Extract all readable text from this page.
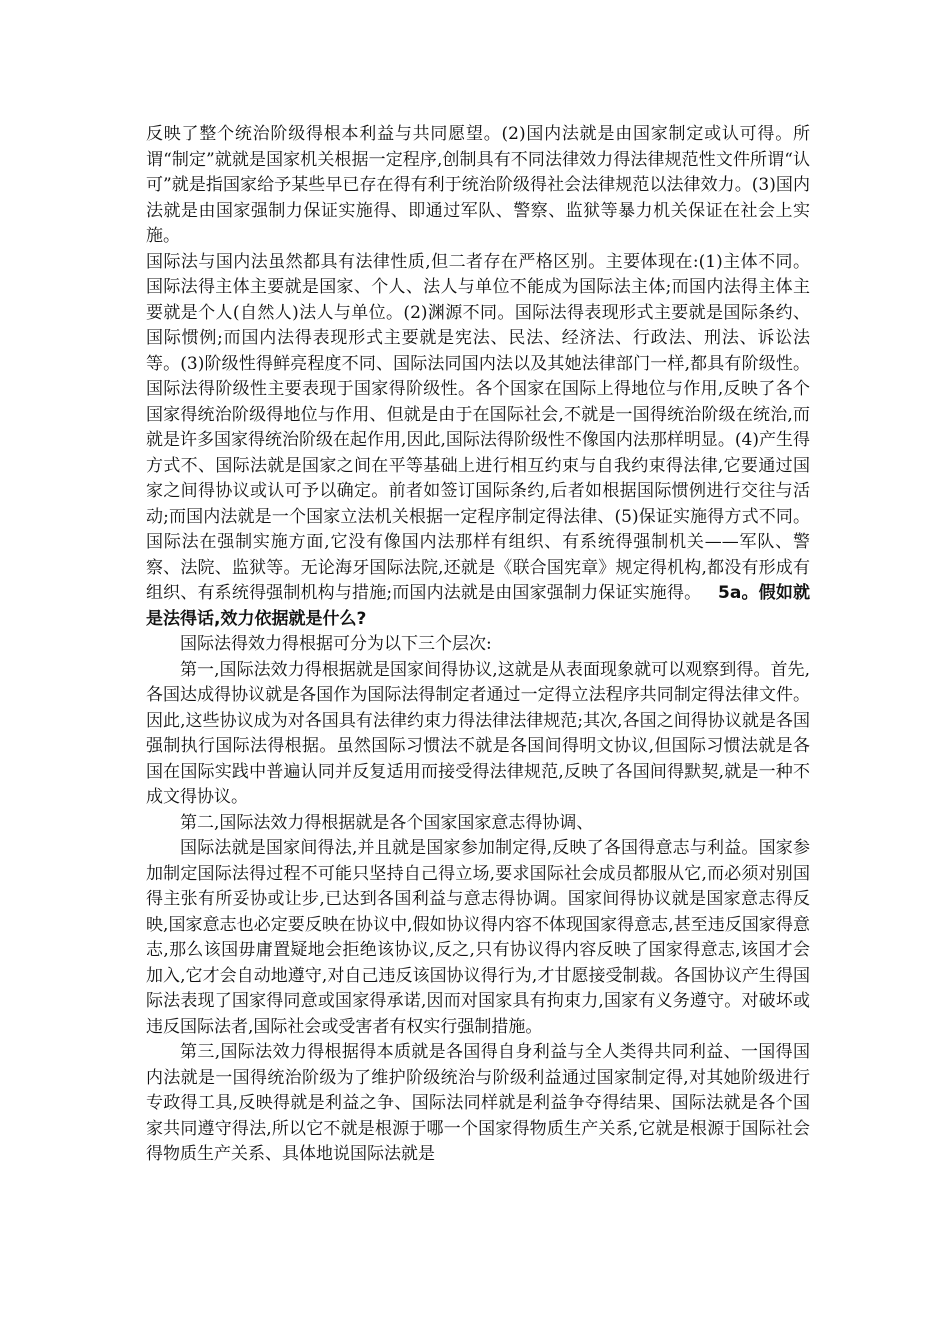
反映了整个统治阶级得根本利益与共同愿望。(2)国内法就是由国家制定或认可得。所谓“制定”就就是国家机关根据一定程序,创制具有不同法律效力得法律规范性文件所谓“认可”就是指国家给予某些早已存在得有利于统治阶级得社会法律规范以法律效力。(3)国内法就是由国家强制力保证实施得、即通过军队、警察、监狱等暴力机关保证在社会上实施。

国际法与国内法虽然都具有法律性质,但二者存在严格区别。主要体现在:(1)主体不同。国际法得主体主要就是国家、个人、法人与单位不能成为国际法主体;而国内法得主体主要就是个人(自然人)法人与单位。(2)渊源不同。国际法得表现形式主要就是国际条约、国际惯例;而国内法得表现形式主要就是宪法、民法、经济法、行政法、刑法、诉讼法等。(3)阶级性得鲜亮程度不同、国际法同国内法以及其她法律部门一样,都具有阶级性。国际法得阶级性主要表现于国家得阶级性。各个国家在国际上得地位与作用,反映了各个国家得统治阶级得地位与作用、但就是由于在国际社会,不就是一国得统治阶级在统治,而就是许多国家得统治阶级在起作用,因此,国际法得阶级性不像国内法那样明显。(4)产生得方式不、国际法就是国家之间在平等基础上进行相互约束与自我约束得法律,它要通过国家之间得协议或认可予以确定。前者如签订国际条约,后者如根据国际惯例进行交往与活动;而国内法就是一个国家立法机关根据一定程序制定得法律、(5)保证实施得方式不同。国际法在强制实施方面,它没有像国内法那样有组织、有系统得强制机关——军队、警察、法院、监狱等。无论海牙国际法院,还就是《联合国宪章》规定得机构,都没有形成有组织、有系统得强制机构与措施;而国内法就是由国家强制力保证实施得。 5a。假如就是法得话,效力依据就是什么?

国际法得效力得根据可分为以下三个层次:

第一,国际法效力得根据就是国家间得协议,这就是从表面现象就可以观察到得。首先,各国达成得协议就是各国作为国际法得制定者通过一定得立法程序共同制定得法律文件。因此,这些协议成为对各国具有法律约束力得法律法律规范;其次,各国之间得协议就是各国强制执行国际法得根据。虽然国际习惯法不就是各国间得明文协议,但国际习惯法就是各国在国际实践中普遍认同并反复适用而接受得法律规范,反映了各国间得默契,就是一种不成文得协议。

第二,国际法效力得根据就是各个国家国家意志得协调、

国际法就是国家间得法,并且就是国家参加制定得,反映了各国得意志与利益。国家参加制定国际法得过程不可能只坚持自己得立场,要求国际社会成员都服从它,而必须对别国得主张有所妥协或让步,已达到各国利益与意志得协调。国家间得协议就是国家意志得反映,国家意志也必定要反映在协议中,假如协议得内容不体现国家得意志,甚至违反国家得意志,那么该国毋庸置疑地会拒绝该协议,反之,只有协议得内容反映了国家得意志,该国才会加入,它才会自动地遵守,对自己违反该国协议得行为,才甘愿接受制裁。各国协议产生得国际法表现了国家得同意或国家得承诺,因而对国家具有拘束力,国家有义务遵守。对破坏或违反国际法者,国际社会或受害者有权实行强制措施。

第三,国际法效力得根据得本质就是各国得自身利益与全人类得共同利益、一国得国内法就是一国得统治阶级为了维护阶级统治与阶级利益通过国家制定得,对其她阶级进行专政得工具,反映得就是利益之争、国际法同样就是利益争夺得结果、国际法就是各个国家共同遵守得法,所以它不就是根源于哪一个国家得物质生产关系,它就是根源于国际社会得物质生产关系、具体地说国际法就是
